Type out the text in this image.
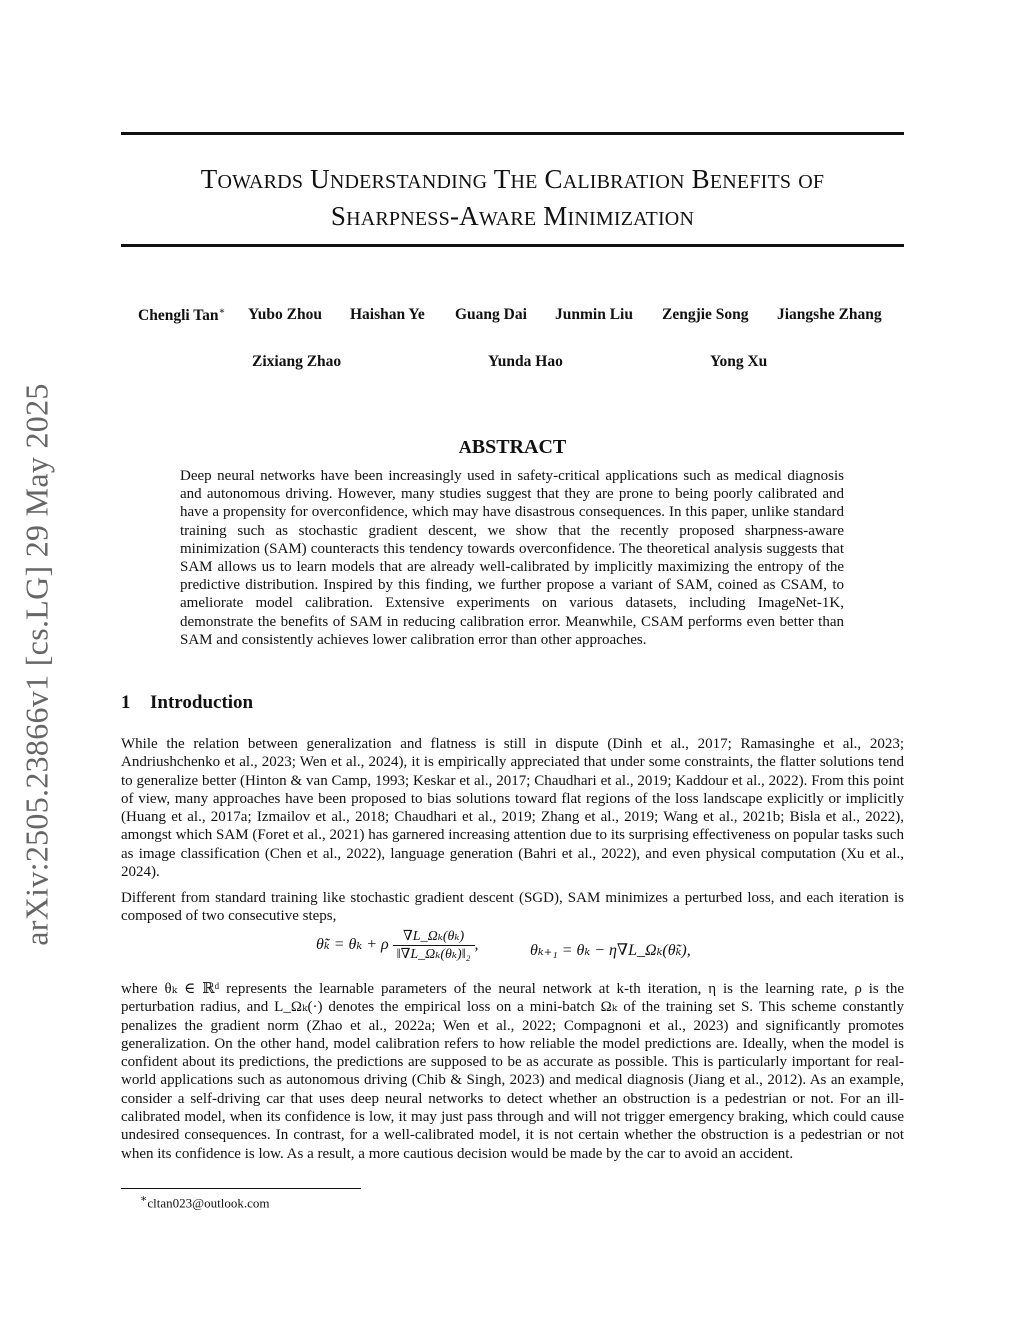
arXiv:2505.23866v1 [cs.LG] 29 May 2025
TOWARDS UNDERSTANDING THE CALIBRATION BENEFITS OF
SHARPNESS-AWARE MINIMIZATION
Chengli Tan∗ Yubo Zhou Haishan Ye Guang Dai Junmin Liu Zengjie Song Jiangshe Zhang
Zixiang Zhao	Yunda Hao	Yong Xu
ABSTRACT
Deep neural networks have been increasingly used in safety-critical applications such as medical diagnosis and autonomous driving. However, many studies suggest that they are prone to being poorly calibrated and have a propensity for overconfidence, which may have disastrous consequences. In this paper, unlike standard training such as stochastic gradient descent, we show that the recently proposed sharpness-aware minimization (SAM) counteracts this tendency towards overconfidence. The theoretical analysis suggests that SAM allows us to learn models that are already well-calibrated by implicitly maximizing the entropy of the predictive distribution. Inspired by this finding, we further propose a variant of SAM, coined as CSAM, to ameliorate model calibration. Extensive experiments on various datasets, including ImageNet-1K, demonstrate the benefits of SAM in reducing calibration error. Meanwhile, CSAM performs even better than SAM and consistently achieves lower calibration error than other approaches.
1 Introduction
While the relation between generalization and flatness is still in dispute (Dinh et al., 2017; Ramasinghe et al., 2023; Andriushchenko et al., 2023; Wen et al., 2024), it is empirically appreciated that under some constraints, the flatter solutions tend to generalize better (Hinton & van Camp, 1993; Keskar et al., 2017; Chaudhari et al., 2019; Kaddour et al., 2022). From this point of view, many approaches have been proposed to bias solutions toward flat regions of the loss landscape explicitly or implicitly (Huang et al., 2017a; Izmailov et al., 2018; Chaudhari et al., 2019; Zhang et al., 2019; Wang et al., 2021b; Bisla et al., 2022), amongst which SAM (Foret et al., 2021) has garnered increasing attention due to its surprising effectiveness on popular tasks such as image classification (Chen et al., 2022), language generation (Bahri et al., 2022), and even physical computation (Xu et al., 2024).
Different from standard training like stochastic gradient descent (SGD), SAM minimizes a perturbed loss, and each iteration is composed of two consecutive steps,
θ̃ₖ = θₖ + ρ $\frac{\text{∇L\_Ωₖ(θₖ)}}{\text{‖∇L\_Ωₖ(θₖ)‖₂}}$ ,	θₖ₊₁ = θₖ − η∇L_Ωₖ(θ̃ₖ),
where θₖ ∈ ℝᵈ represents the learnable parameters of the neural network at k-th iteration, η is the learning rate, ρ is the perturbation radius, and L_Ωₖ(·) denotes the empirical loss on a mini-batch Ωₖ of the training set S. This scheme constantly penalizes the gradient norm (Zhao et al., 2022a; Wen et al., 2022; Compagnoni et al., 2023) and significantly promotes generalization. On the other hand, model calibration refers to how reliable the model predictions are. Ideally, when the model is confident about its predictions, the predictions are supposed to be as accurate as possible. This is particularly important for real-world applications such as autonomous driving (Chib & Singh, 2023) and medical diagnosis (Jiang et al., 2012). As an example, consider a self-driving car that uses deep neural networks to detect whether an obstruction is a pedestrian or not. For an ill-calibrated model, when its confidence is low, it may just pass through and will not trigger emergency braking, which could cause undesired consequences. In contrast, for a well-calibrated model, it is not certain whether the obstruction is a pedestrian or not when its confidence is low. As a result, a more cautious decision would be made by the car to avoid an accident.
∗cltan023@outlook.com
